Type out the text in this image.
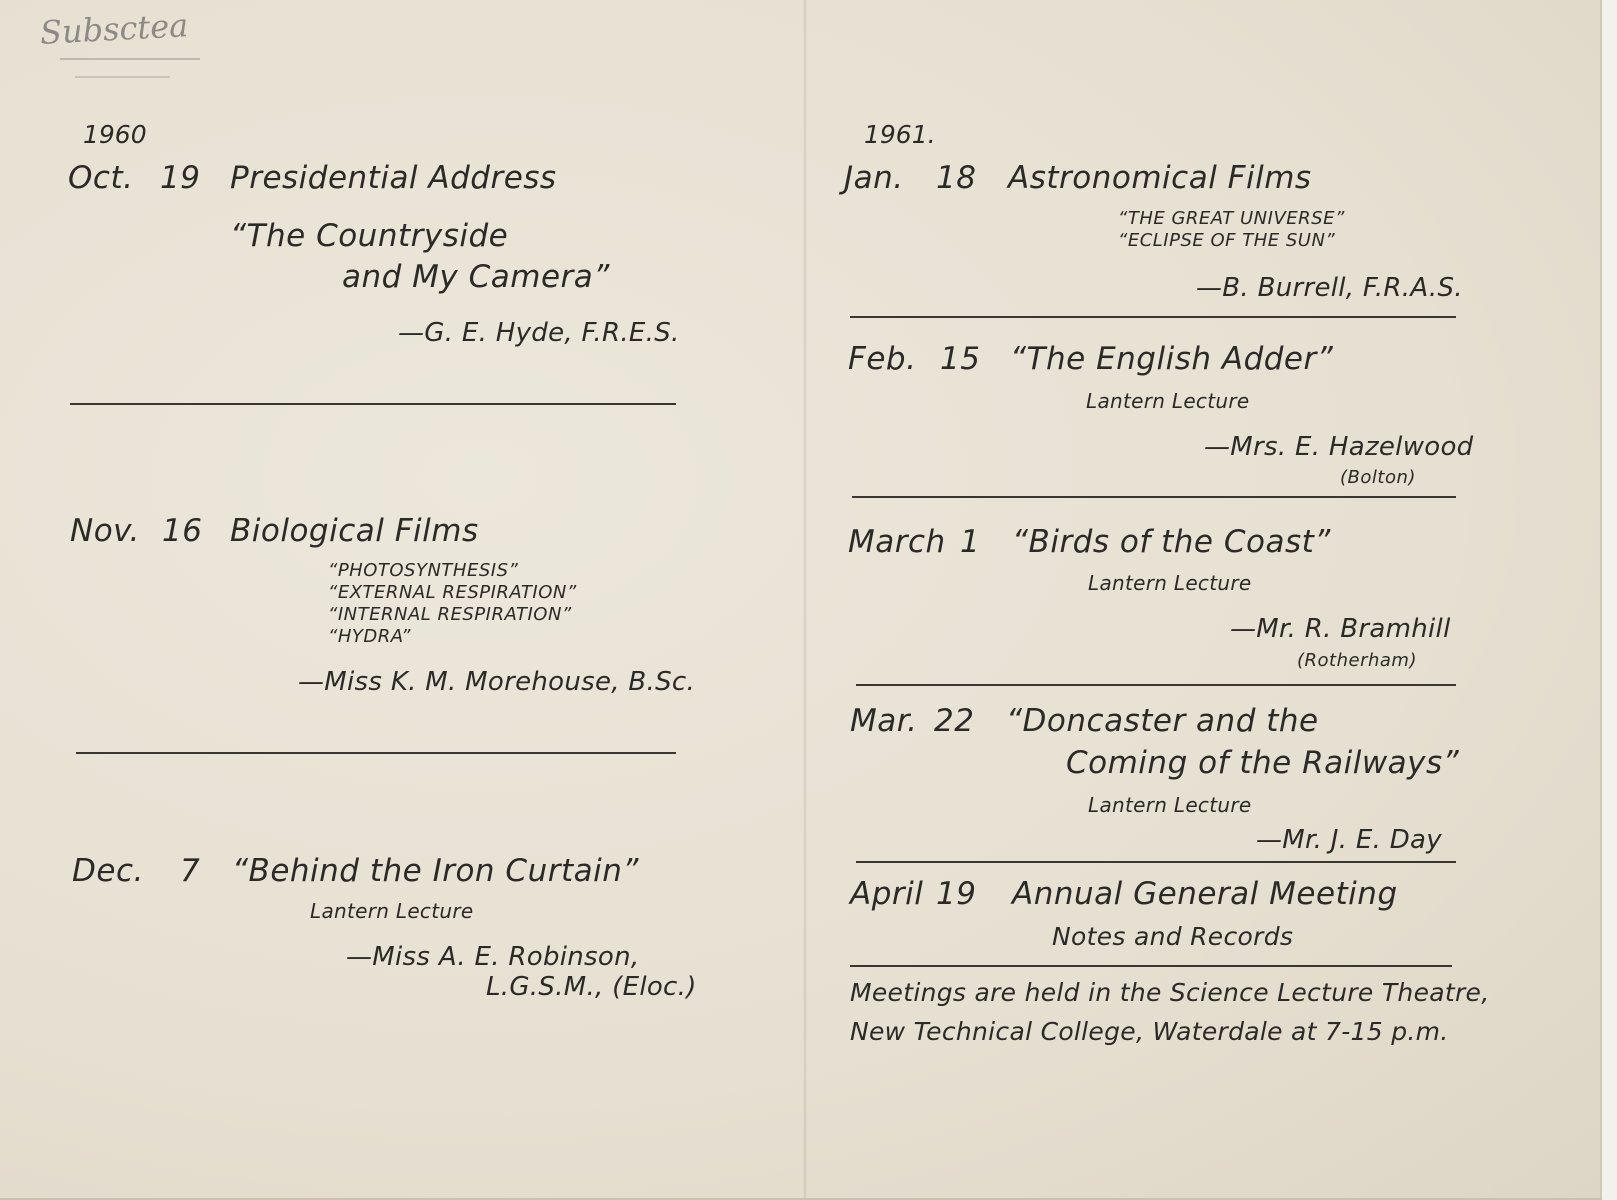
Subsctea
1960
Oct. 19 Presidential Address
“The Countryside
and My Camera”
—G. E. Hyde, F.R.E.S.
Nov. 16 Biological Films
“PHOTOSYNTHESIS”
“EXTERNAL RESPIRATION”
“INTERNAL RESPIRATION”
“HYDRA”
—Miss K. M. Morehouse, B.Sc.
Dec. 7 “Behind the Iron Curtain”
Lantern Lecture
—Miss A. E. Robinson,
L.G.S.M., (Eloc.)
1961.
Jan. 18 Astronomical Films
“THE GREAT UNIVERSE”
“ECLIPSE OF THE SUN”
—B. Burrell, F.R.A.S.
Feb. 15 “The English Adder”
Lantern Lecture
—Mrs. E. Hazelwood
(Bolton)
March 1 “Birds of the Coast”
Lantern Lecture
—Mr. R. Bramhill
(Rotherham)
Mar. 22 “Doncaster and the
Coming of the Railways”
Lantern Lecture
—Mr. J. E. Day
April 19 Annual General Meeting
Notes and Records
Meetings are held in the Science Lecture Theatre,
New Technical College, Waterdale at 7-15 p.m.
